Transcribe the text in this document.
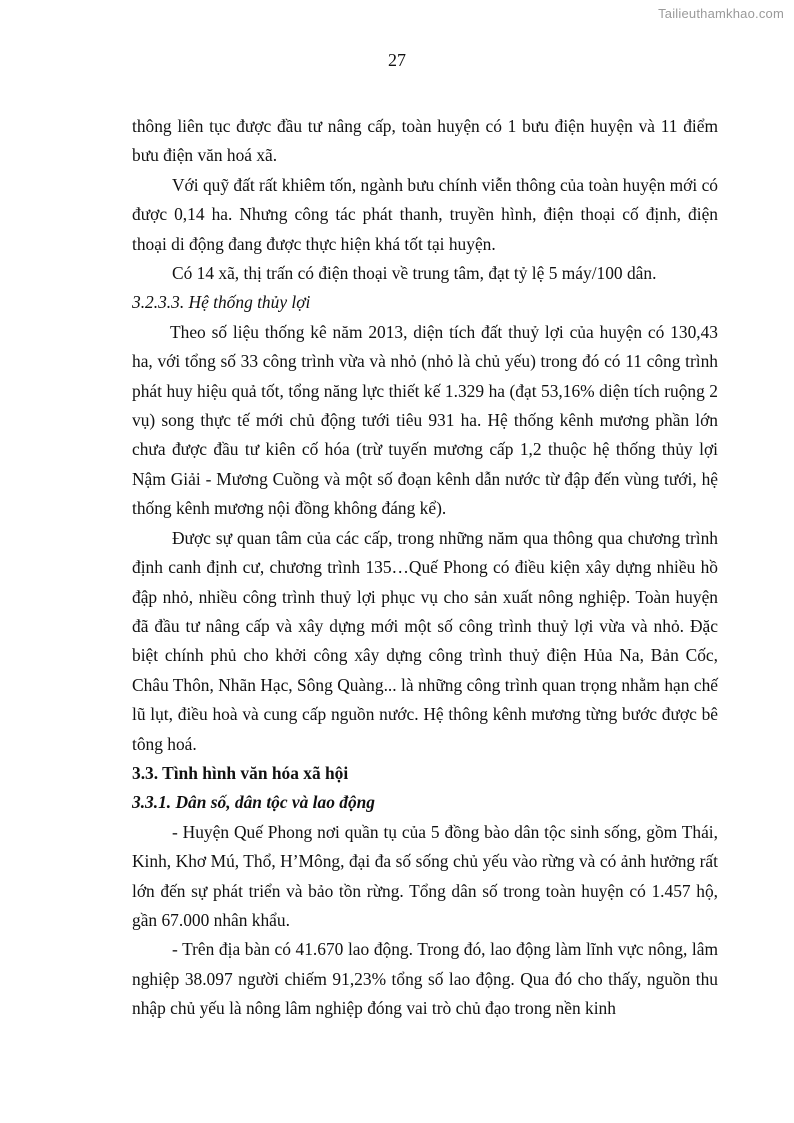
Tailieuthamkhao.com
27

thông liên tục được đầu tư nâng cấp, toàn huyện có 1 bưu điện huyện và 11 điểm bưu điện văn hoá xã.

Với quỹ đất rất khiêm tốn, ngành bưu chính viễn thông của toàn huyện mới có được 0,14 ha. Nhưng công tác phát thanh, truyền hình, điện thoại cố định, điện thoại di động đang được thực hiện khá tốt tại huyện.

Có 14 xã, thị trấn có điện thoại về trung tâm, đạt tỷ lệ 5 máy/100 dân.

3.2.3.3. Hệ thống thủy lợi

Theo số liệu thống kê năm 2013, diện tích đất thuỷ lợi của huyện có 130,43 ha, với tổng số 33 công trình vừa và nhỏ (nhỏ là chủ yếu) trong đó có 11 công trình phát huy hiệu quả tốt, tổng năng lực thiết kế 1.329 ha (đạt 53,16% diện tích ruộng 2 vụ) song thực tế mới chủ động tưới tiêu 931 ha. Hệ thống kênh mương phần lớn chưa được đầu tư kiên cố hóa (trừ tuyến mương cấp 1,2 thuộc hệ thống thủy lợi Nậm Giải - Mương Cuồng và một số đoạn kênh dẫn nước từ đập đến vùng tưới, hệ thống kênh mương nội đồng không đáng kể).

Được sự quan tâm của các cấp, trong những năm qua thông qua chương trình định canh định cư, chương trình 135…Quế Phong có điều kiện xây dựng nhiều hồ đập nhỏ, nhiều công trình thuỷ lợi phục vụ cho sản xuất nông nghiệp. Toàn huyện đã đầu tư nâng cấp và xây dựng mới một số công trình thuỷ lợi vừa và nhỏ. Đặc biệt chính phủ cho khởi công xây dựng công trình thuỷ điện Hủa Na, Bản Cốc, Châu Thôn, Nhãn Hạc, Sông Quàng... là những công trình quan trọng nhằm hạn chế lũ lụt, điều hoà và cung cấp nguồn nước. Hệ thông kênh mương từng bước được bê tông hoá.

3.3. Tình hình văn hóa xã hội

3.3.1. Dân số, dân tộc và lao động

- Huyện Quế Phong nơi quần tụ của 5 đồng bào dân tộc sinh sống, gồm Thái, Kinh, Khơ Mú, Thổ, H’Mông, đại đa số sống chủ yếu vào rừng và có ảnh hưởng rất lớn đến sự phát triển và bảo tồn rừng. Tổng dân số trong toàn huyện có 1.457 hộ, gần 67.000 nhân khẩu.

- Trên địa bàn có 41.670 lao động. Trong đó, lao động làm lĩnh vực nông, lâm nghiệp 38.097 người chiếm 91,23% tổng số lao động. Qua đó cho thấy, nguồn thu nhập chủ yếu là nông lâm nghiệp đóng vai trò chủ đạo trong nền kinh
